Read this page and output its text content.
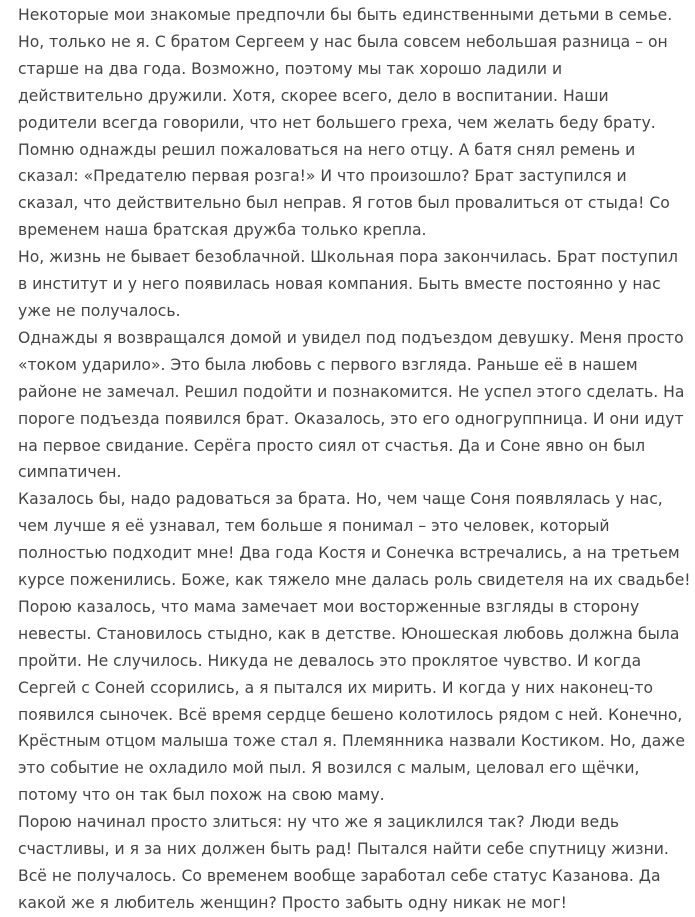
Некоторые мои знакомые предпочли бы быть единственными детьми в семье. Но, только не я. С братом Сергеем у нас была совсем небольшая разница – он старше на два года. Возможно, поэтому мы так хорошо ладили и действительно дружили. Хотя, скорее всего, дело в воспитании. Наши родители всегда говорили, что нет большего греха, чем желать беду брату. Помню однажды решил пожаловаться на него отцу. А батя снял ремень и сказал: «Предателю первая розга!» И что произошло? Брат заступился и сказал, что действительно был неправ. Я готов был провалиться от стыда! Со временем наша братская дружба только крепла.

Но, жизнь не бывает безоблачной. Школьная пора закончилась. Брат поступил в институт и у него появилась новая компания. Быть вместе постоянно у нас уже не получалось.

Однажды я возвращался домой и увидел под подъездом девушку. Меня просто «током ударило». Это была любовь с первого взгляда. Раньше её в нашем районе не замечал. Решил подойти и познакомится. Не успел этого сделать. На пороге подъезда появился брат. Оказалось, это его одногруппница. И они идут на первое свидание. Серёга просто сиял от счастья. Да и Соне явно он был симпатичен.

Казалось бы, надо радоваться за брата. Но, чем чаще Соня появлялась у нас, чем лучше я её узнавал, тем больше я понимал – это человек, который полностью подходит мне! Два года Костя и Сонечка встречались, а на третьем курсе поженились. Боже, как тяжело мне далась роль свидетеля на их свадьбе! Порою казалось, что мама замечает мои восторженные взгляды в сторону невесты. Становилось стыдно, как в детстве. Юношеская любовь должна была пройти. Не случилось. Никуда не девалось это проклятое чувство. И когда Сергей с Соней ссорились, а я пытался их мирить. И когда у них наконец-то появился сыночек. Всё время сердце бешено колотилось рядом с ней. Конечно, Крёстным отцом малыша тоже стал я. Племянника назвали Костиком. Но, даже это событие не охладило мой пыл. Я возился с малым, целовал его щёчки, потому что он так был похож на свою маму.

Порою начинал просто злиться: ну что же я зациклился так? Люди ведь счастливы, и я за них должен быть рад! Пытался найти себе спутницу жизни. Всё не получалось. Со временем вообще заработал себе статус Казанова. Да какой же я любитель женщин? Просто забыть одну никак не мог!
